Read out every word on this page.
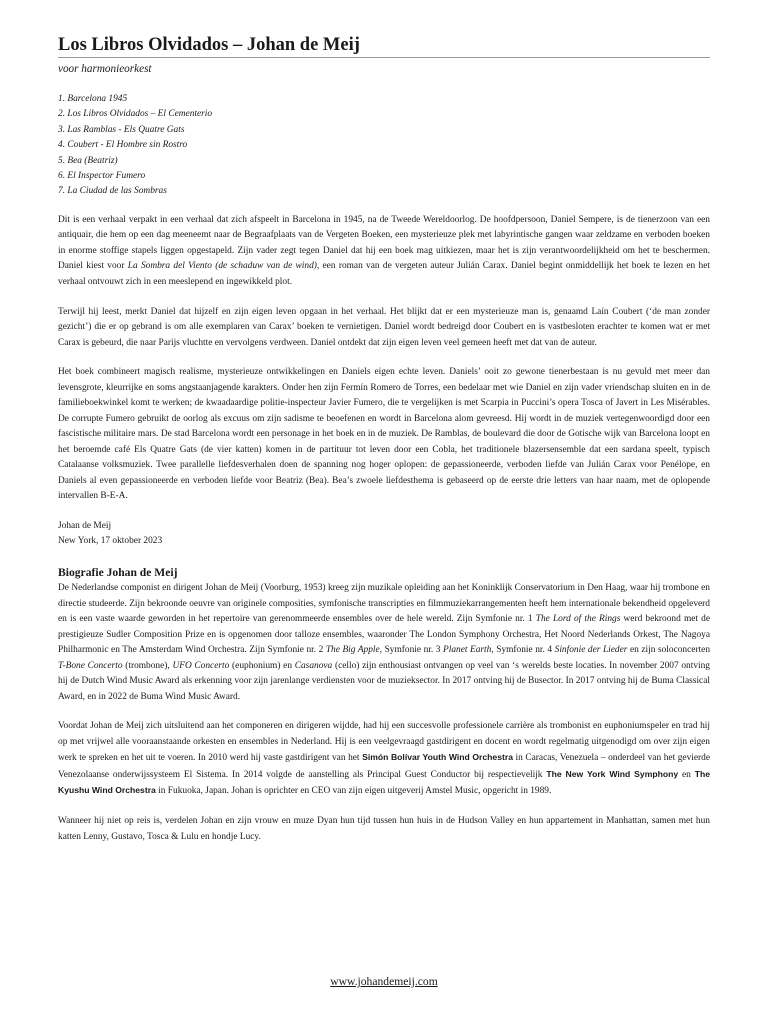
Los Libros Olvidados – Johan de Meij
voor harmonieorkest
1. Barcelona 1945
2. Los Libros Olvidados – El Cementerio
3. Las Ramblas - Els Quatre Gats
4. Coubert - El Hombre sin Rostro
5. Bea (Beatriz)
6. El Inspector Fumero
7. La Ciudad de las Sombras

Dit is een verhaal verpakt in een verhaal dat zich afspeelt in Barcelona in 1945, na de Tweede Wereldoorlog. De hoofdpersoon, Daniel Sempere, is de tienerzoon van een antiquair, die hem op een dag meeneemt naar de Begraafplaats van de Vergeten Boeken, een mysterieuze plek met labyrintische gangen waar zeldzame en verboden boeken in enorme stoffige stapels liggen opgestapeld. Zijn vader zegt tegen Daniel dat hij een boek mag uitkiezen, maar het is zijn verantwoordelijkheid om het te beschermen. Daniel kiest voor La Sombra del Viento (de schaduw van de wind), een roman van de vergeten auteur Julián Carax. Daniel begint onmiddellijk het boek te lezen en het verhaal ontvouwt zich in een meeslepend en ingewikkeld plot.

Terwijl hij leest, merkt Daniel dat hijzelf en zijn eigen leven opgaan in het verhaal. Het blijkt dat er een mysterieuze man is, genaamd Laín Coubert (‘de man zonder gezicht’) die er op gebrand is om alle exemplaren van Carax’ boeken te vernietigen. Daniel wordt bedreigd door Coubert en is vastbesloten erachter te komen wat er met Carax is gebeurd, die naar Parijs vluchtte en vervolgens verdween. Daniel ontdekt dat zijn eigen leven veel gemeen heeft met dat van de auteur.

Het boek combineert magisch realisme, mysterieuze ontwikkelingen en Daniels eigen echte leven. Daniels’ ooit zo gewone tienerbestaan is nu gevuld met meer dan levensgrote, kleurrijke en soms angstaanjagende karakters. Onder hen zijn Fermín Romero de Torres, een bedelaar met wie Daniel en zijn vader vriendschap sluiten en in de familieboekwinkel komt te werken; de kwaadaardige politie-inspecteur Javier Fumero, die te vergelijken is met Scarpia in Puccini’s opera Tosca of Javert in Les Misérables. De corrupte Fumero gebruikt de oorlog als excuus om zijn sadisme te beoefenen en wordt in Barcelona alom gevreesd. Hij wordt in de muziek vertegenwoordigd door een fascistische militaire mars. De stad Barcelona wordt een personage in het boek en in de muziek. De Ramblas, de boulevard die door de Gotische wijk van Barcelona loopt en het beroemde café Els Quatre Gats (de vier katten) komen in de partituur tot leven door een Cobla, het traditionele blazersensemble dat een sardana speelt, typisch Catalaanse volksmuziek. Twee parallelle liefdesverhalen doen de spanning nog hoger oplopen: de gepassioneerde, verboden liefde van Julián Carax voor Penélope, en Daniels al even gepassioneerde en verboden liefde voor Beatriz (Bea). Bea’s zwoele liefdesthema is gebaseerd op de eerste drie letters van haar naam, met de oplopende intervallen B-E-A.

Johan de Meij
New York, 17 oktober 2023
Biografie Johan de Meij

De Nederlandse componist en dirigent Johan de Meij (Voorburg, 1953) kreeg zijn muzikale opleiding aan het Koninklijk Conservatorium in Den Haag, waar hij trombone en directie studeerde. Zijn bekroonde oeuvre van originele composities, symfonische transcripties en filmmuziekarrangementen heeft hem internationale bekendheid opgeleverd en is een vaste waarde geworden in het repertoire van gerenommeerde ensembles over de hele wereld. Zijn Symfonie nr. 1 The Lord of the Rings werd bekroond met de prestigieuze Sudler Composition Prize en is opgenomen door talloze ensembles, waaronder The London Symphony Orchestra, Het Noord Nederlands Orkest, The Nagoya Philharmonic en The Amsterdam Wind Orchestra. Zijn Symfonie nr. 2 The Big Apple, Symfonie nr. 3 Planet Earth, Symfonie nr. 4 Sinfonie der Lieder en zijn soloconcerten T-Bone Concerto (trombone), UFO Concerto (euphonium) en Casanova (cello) zijn enthousiast ontvangen op veel van ‘s werelds beste locaties. In november 2007 ontving hij de Dutch Wind Music Award als erkenning voor zijn jarenlange verdiensten voor de muzieksector. In 2017 ontving hij de Busector. In 2017 ontving hij de Buma Classical Award, en in 2022 de Buma Wind Music Award.

Voordat Johan de Meij zich uitsluitend aan het componeren en dirigeren wijdde, had hij een succesvolle professionele carrière als trombonist en euphoniumspeler en trad hij op met vrijwel alle vooraanstaande orkesten en ensembles in Nederland. Hij is een veelgevraagd gastdirigent en docent en wordt regelmatig uitgenodigd om over zijn eigen werk te spreken en het uit te voeren. In 2010 werd hij vaste gastdirigent van het Simón Bolívar Youth Wind Orchestra in Caracas, Venezuela – onderdeel van het gevierde Venezolaanse onderwijssysteem El Sistema. In 2014 volgde de aanstelling als Principal Guest Conductor bij respectievelijk The New York Wind Symphony en The Kyushu Wind Orchestra in Fukuoka, Japan. Johan is oprichter en CEO van zijn eigen uitgeverij Amstel Music, opgericht in 1989.

Wanneer hij niet op reis is, verdelen Johan en zijn vrouw en muze Dyan hun tijd tussen hun huis in de Hudson Valley en hun appartement in Manhattan, samen met hun katten Lenny, Gustavo, Tosca & Lulu en hondje Lucy.

www.johandemeij.com
